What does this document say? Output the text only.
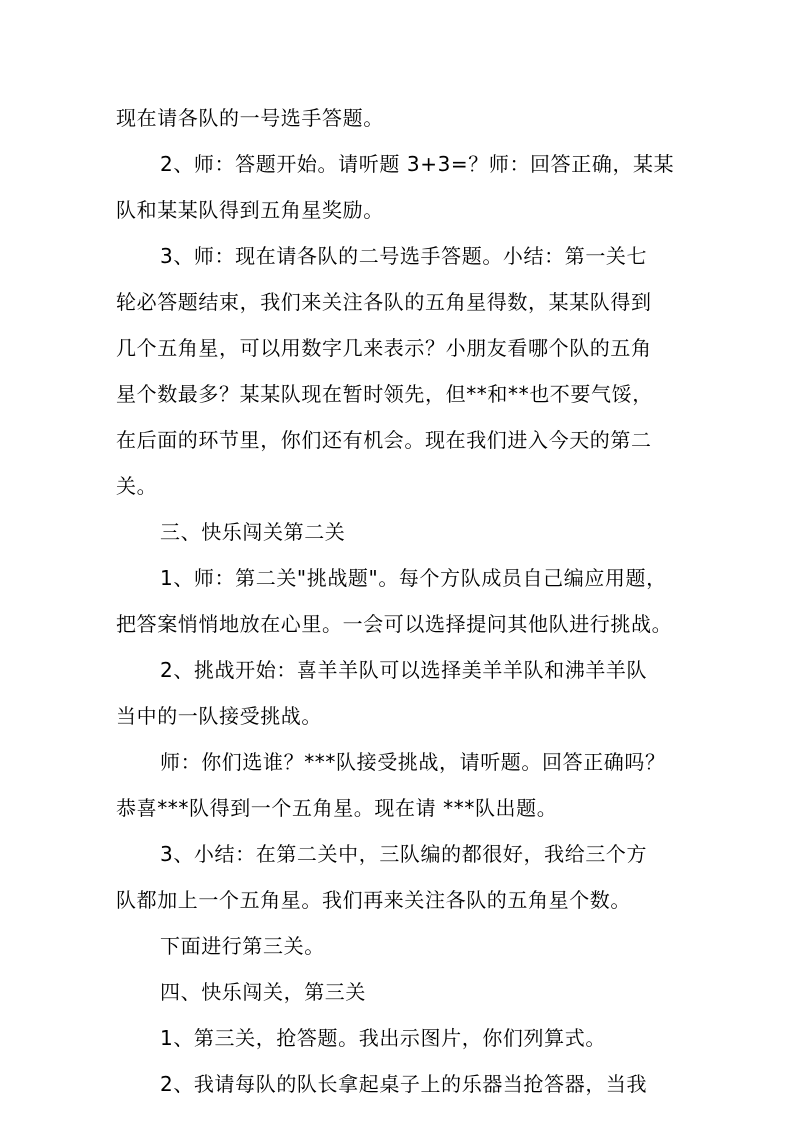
现在请各队的一号选手答题。
2、师：答题开始。请听题 3+3=？师：回答正确，某某
队和某某队得到五角星奖励。
3、师：现在请各队的二号选手答题。小结：第一关七
轮必答题结束，我们来关注各队的五角星得数，某某队得到
几个五角星，可以用数字几来表示？小朋友看哪个队的五角
星个数最多？某某队现在暂时领先，但**和**也不要气馁，
在后面的环节里，你们还有机会。现在我们进入今天的第二
关。
三、快乐闯关第二关
1、师：第二关"挑战题"。每个方队成员自己编应用题，
把答案悄悄地放在心里。一会可以选择提问其他队进行挑战。
2、挑战开始：喜羊羊队可以选择美羊羊队和沸羊羊队
当中的一队接受挑战。
师：你们选谁？***队接受挑战，请听题。回答正确吗？
恭喜***队得到一个五角星。现在请 ***队出题。
3、小结：在第二关中，三队编的都很好，我给三个方
队都加上一个五角星。我们再来关注各队的五角星个数。
下面进行第三关。
四、快乐闯关，第三关
1、第三关，抢答题。我出示图片，你们列算式。
2、我请每队的队长拿起桌子上的乐器当抢答器，当我
